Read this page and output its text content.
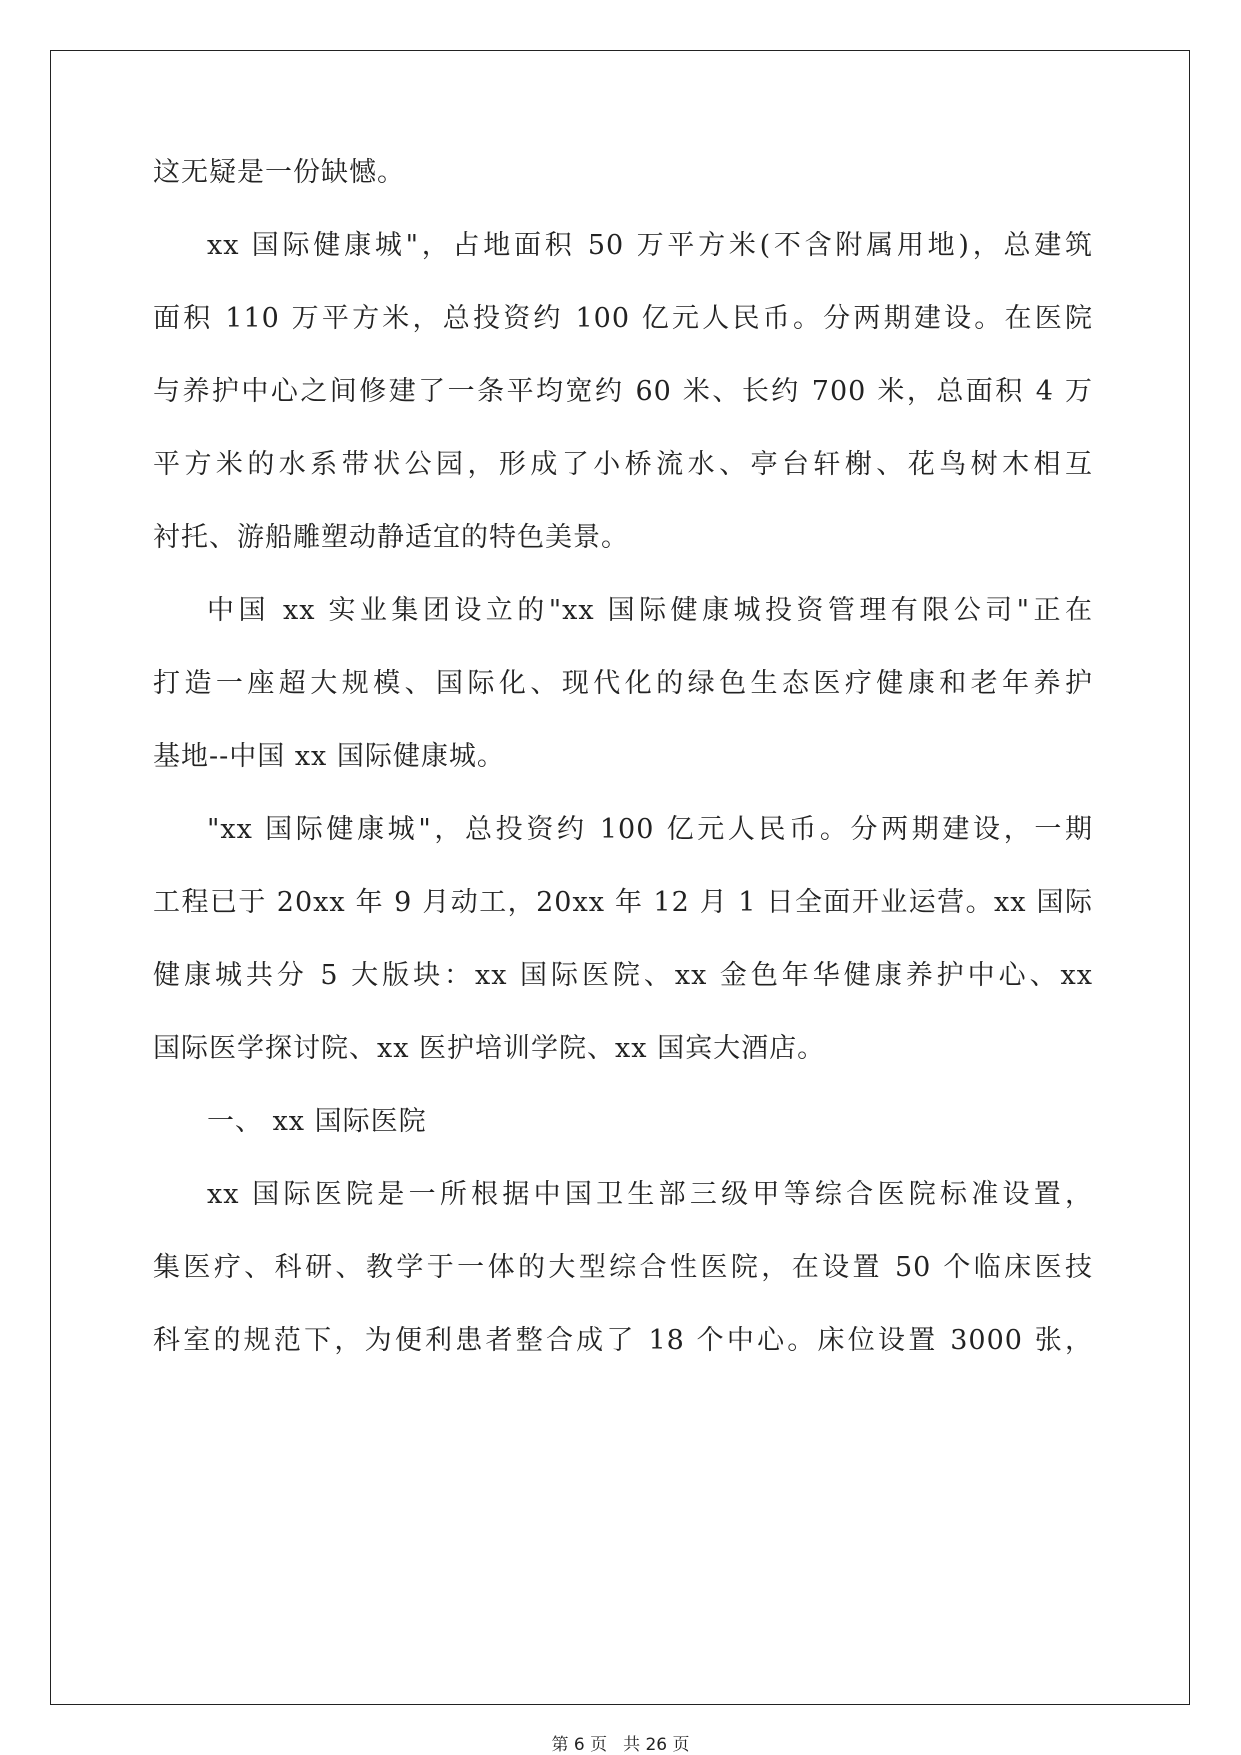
这无疑是一份缺憾。
xx 国际健康城"，占地面积 50 万平方米(不含附属用地)，总建筑
面积 110 万平方米，总投资约 100 亿元人民币。分两期建设。在医院
与养护中心之间修建了一条平均宽约 60 米、长约 700 米，总面积 4 万
平方米的水系带状公园，形成了小桥流水、亭台轩榭、花鸟树木相互
衬托、游船雕塑动静适宜的特色美景。
中国 xx 实业集团设立的"xx 国际健康城投资管理有限公司"正在
打造一座超大规模、国际化、现代化的绿色生态医疗健康和老年养护
基地--中国 xx 国际健康城。
"xx 国际健康城"，总投资约 100 亿元人民币。分两期建设，一期
工程已于 20xx 年 9 月动工，20xx 年 12 月 1 日全面开业运营。xx 国际
健康城共分 5 大版块：xx 国际医院、xx 金色年华健康养护中心、xx
国际医学探讨院、xx 医护培训学院、xx 国宾大酒店。
一、 xx 国际医院
xx 国际医院是一所根据中国卫生部三级甲等综合医院标准设置，
集医疗、科研、教学于一体的大型综合性医院，在设置 50 个临床医技
科室的规范下，为便利患者整合成了 18 个中心。床位设置 3000 张，
第 6 页 共 26 页
